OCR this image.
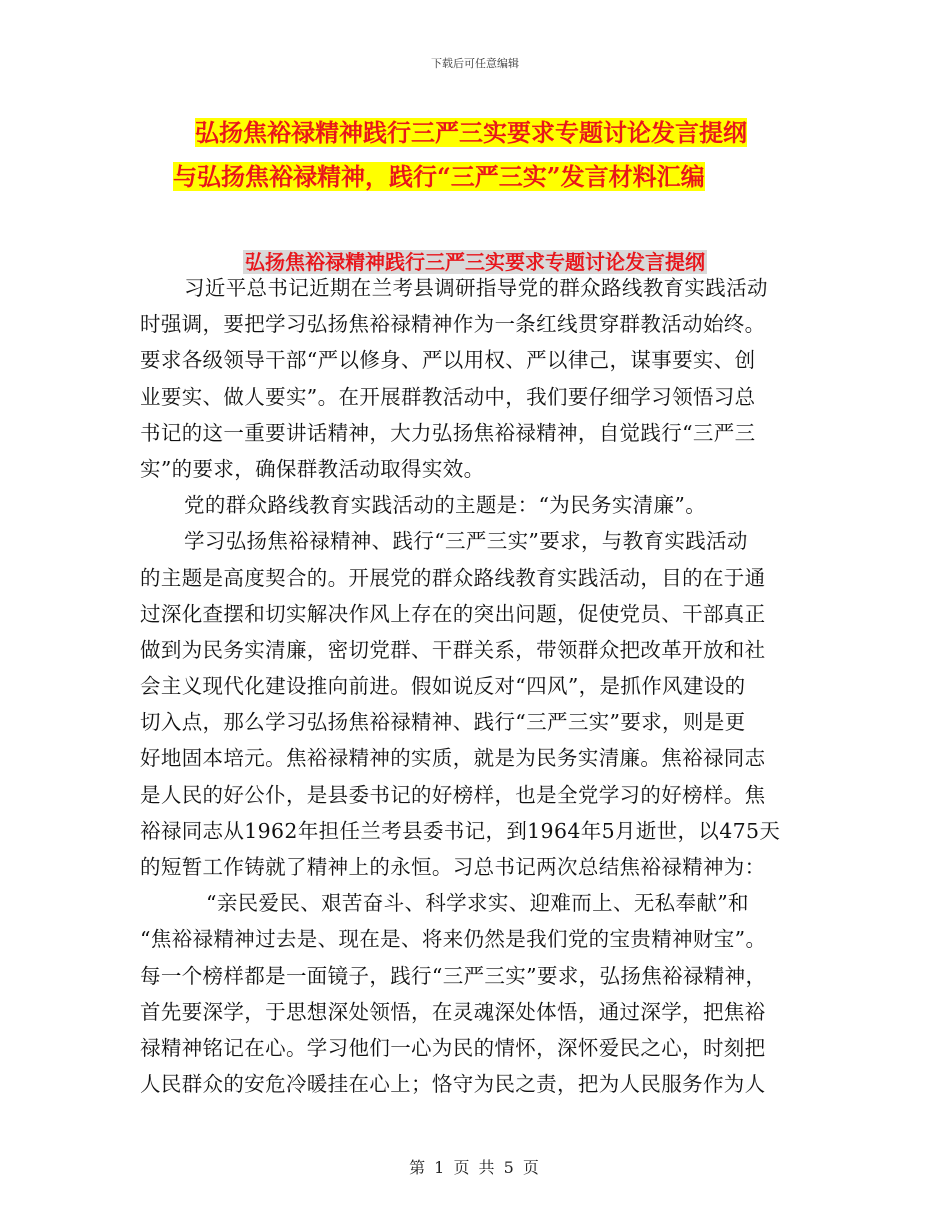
下载后可任意编辑
弘扬焦裕禄精神践行三严三实要求专题讨论发言提纲
与弘扬焦裕禄精神，践行“三严三实”发言材料汇编
弘扬焦裕禄精神践行三严三实要求专题讨论发言提纲
习近平总书记近期在兰考县调研指导党的群众路线教育实践活动
时强调，要把学习弘扬焦裕禄精神作为一条红线贯穿群教活动始终。
要求各级领导干部“严以修身、严以用权、严以律己，谋事要实、创
业要实、做人要实”。在开展群教活动中，我们要仔细学习领悟习总
书记的这一重要讲话精神，大力弘扬焦裕禄精神，自觉践行“三严三
实”的要求，确保群教活动取得实效。
党的群众路线教育实践活动的主题是：“为民务实清廉”。
学习弘扬焦裕禄精神、践行“三严三实”要求，与教育实践活动
的主题是高度契合的。开展党的群众路线教育实践活动，目的在于通
过深化查摆和切实解决作风上存在的突出问题，促使党员、干部真正
做到为民务实清廉，密切党群、干群关系，带领群众把改革开放和社
会主义现代化建设推向前进。假如说反对“四风”，是抓作风建设的
切入点，那么学习弘扬焦裕禄精神、践行“三严三实”要求，则是更
好地固本培元。焦裕禄精神的实质，就是为民务实清廉。焦裕禄同志
是人民的好公仆，是县委书记的好榜样，也是全党学习的好榜样。焦
裕禄同志从1962年担任兰考县委书记，到1964年5月逝世，以475天
的短暂工作铸就了精神上的永恒。习总书记两次总结焦裕禄精神为：
“亲民爱民、艰苦奋斗、科学求实、迎难而上、无私奉献”和
“焦裕禄精神过去是、现在是、将来仍然是我们党的宝贵精神财宝”。
每一个榜样都是一面镜子，践行“三严三实”要求，弘扬焦裕禄精神，
首先要深学，于思想深处领悟，在灵魂深处体悟，通过深学，把焦裕
禄精神铭记在心。学习他们一心为民的情怀，深怀爱民之心，时刻把
人民群众的安危冷暖挂在心上；恪守为民之责，把为人民服务作为人
第 1 页 共 5 页
